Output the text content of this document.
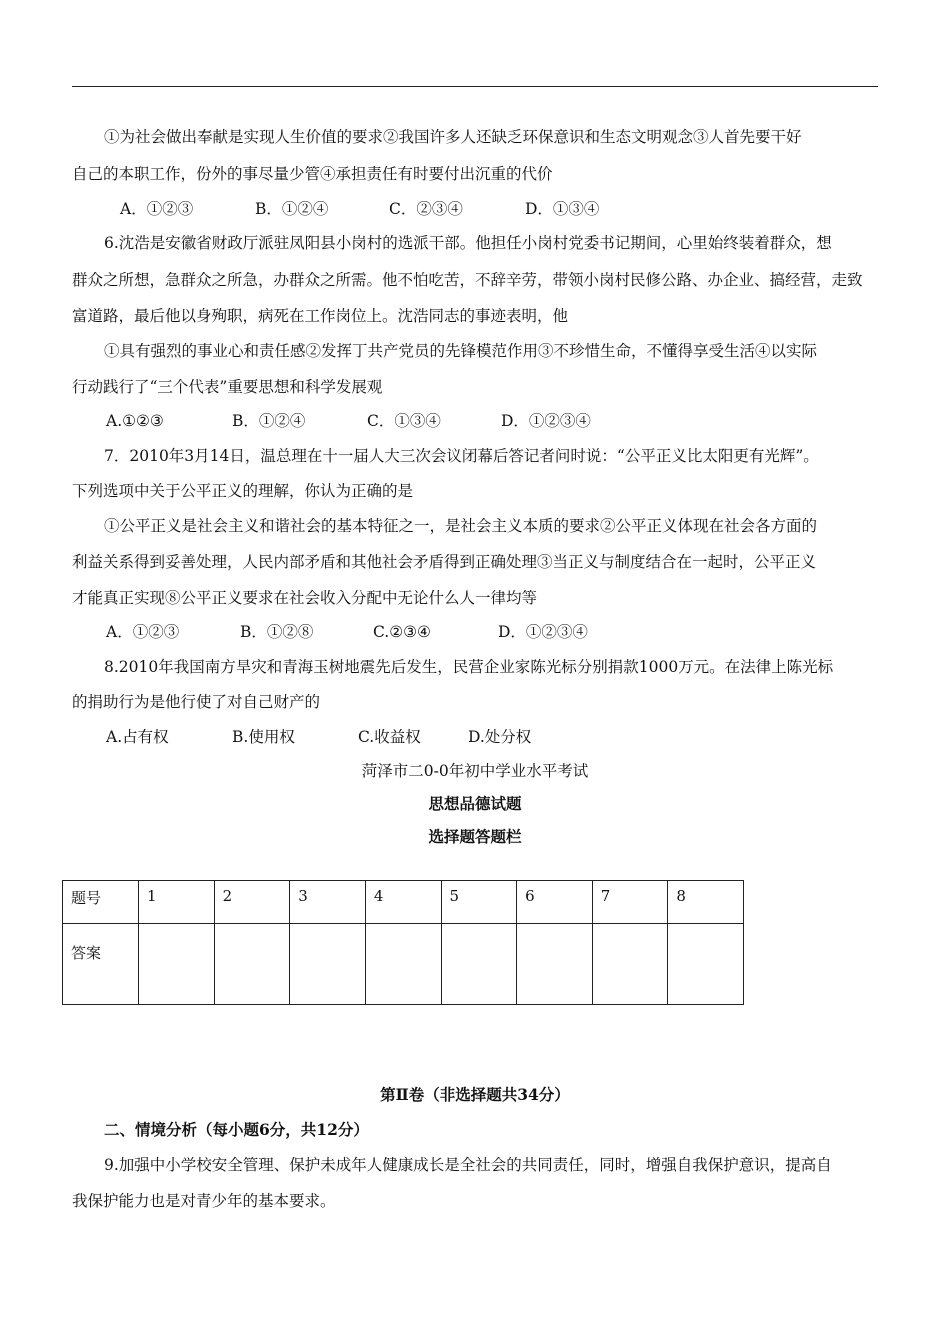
①为社会做出奉献是实现人生价值的要求②我国许多人还缺乏环保意识和生态文明观念③人首先要干好
自己的本职工作，份外的事尽量少管④承担责任有时要付出沉重的代价
A．①②③	B．①②④	C．②③④	D．①③④
6.沈浩是安徽省财政厅派驻凤阳县小岗村的选派干部。他担任小岗村党委书记期间，心里始终装着群众，想
群众之所想，急群众之所急，办群众之所需。他不怕吃苦，不辞辛劳，带领小岗村民修公路、办企业、搞经营，走致
富道路，最后他以身殉职，病死在工作岗位上。沈浩同志的事迹表明，他
①具有强烈的事业心和责任感②发挥丁共产党员的先锋模范作用③不珍惜生命，不懂得享受生活④以实际
行动践行了“三个代表”重要思想和科学发展观
A.①②③	B．①②④	C．①③④	D．①②③④
7．2010年3月14日，温总理在十一届人大三次会议闭幕后答记者问时说：“公平正义比太阳更有光辉”。
下列选项中关于公平正义的理解，你认为正确的是
①公平正义是社会主义和谐社会的基本特征之一，是社会主义本质的要求②公平正义体现在社会各方面的
利益关系得到妥善处理，人民内部矛盾和其他社会矛盾得到正确处理③当正义与制度结合在一起时，公平正义
才能真正实现⑧公平正义要求在社会收入分配中无论什么人一律均等
A．①②③	B．①②⑧	C.②③④	D．①②③④
8.2010年我国南方旱灾和青海玉树地震先后发生，民营企业家陈光标分别捐款1000万元。在法律上陈光标
的捐助行为是他行使了对自己财产的
A.占有权	B.使用权	C.收益权	D.处分权
菏泽市二0-0年初中学业水平考试
思想品德试题
选择题答题栏
题号	1	2	3	4	5	6	7	8
答案								
第Ⅱ卷（非选择题共34分）
二、情境分析（每小题6分，共12分）
9.加强中小学校安全管理、保护未成年人健康成长是全社会的共同责任，同时，增强自我保护意识，提高自
我保护能力也是对青少年的基本要求。
